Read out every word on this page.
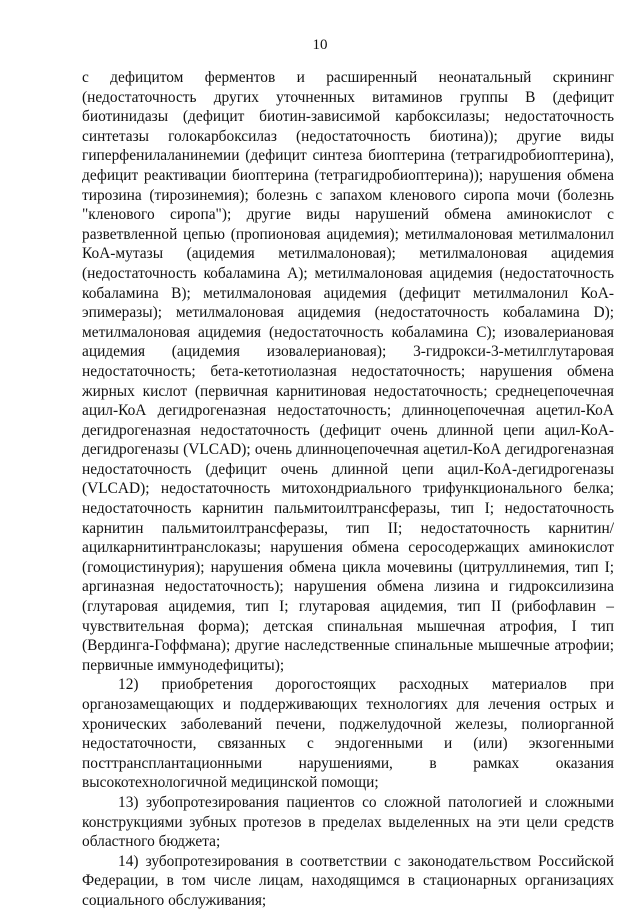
10

с дефицитом ферментов и расширенный неонатальный скрининг (недостаточность других уточненных витаминов группы B (дефицит биотинидазы (дефицит биотин-зависимой карбоксилазы; недостаточность синтетазы голокарбоксилаз (недостаточность биотина)); другие виды гиперфенилаланинемии (дефицит синтеза биоптерина (тетрагидробиоптерина), дефицит реактивации биоптерина (тетрагидробиоптерина)); нарушения обмена тирозина (тирозинемия); болезнь с запахом кленового сиропа мочи (болезнь "кленового сиропа"); другие виды нарушений обмена аминокислот с разветвленной цепью (пропионовая ацидемия); метилмалоновая метилмалонил КоА-мутазы (ацидемия метилмалоновая); метилмалоновая ацидемия (недостаточность кобаламина A); метилмалоновая ацидемия (недостаточность кобаламина B); метилмалоновая ацидемия (дефицит метилмалонил КоА-эпимеразы); метилмалоновая ацидемия (недостаточность кобаламина D); метилмалоновая ацидемия (недостаточность кобаламина C); изовалериановая ацидемия (ацидемия изовалериановая); 3-гидрокси-3-метилглутаровая недостаточность; бета-кетотиолазная недостаточность; нарушения обмена жирных кислот (первичная карнитиновая недостаточность; среднецепочечная ацил-КоА дегидрогеназная недостаточность; длинноцепочечная ацетил-КоА дегидрогеназная недостаточность (дефицит очень длинной цепи ацил-КоА-дегидрогеназы (VLCAD); очень длинноцепочечная ацетил-КоА дегидрогеназная недостаточность (дефицит очень длинной цепи ацил-КоА-дегидрогеназы (VLCAD); недостаточность митохондриального трифункционального белка; недостаточность карнитин пальмитоилтрансферазы, тип I; недостаточность карнитин пальмитоилтрансферазы, тип II; недостаточность карнитин/ацилкарнитинтранслоказы; нарушения обмена серосодержащих аминокислот (гомоцистинурия); нарушения обмена цикла мочевины (цитруллинемия, тип I; аргиназная недостаточность); нарушения обмена лизина и гидроксилизина (глутаровая ацидемия, тип I; глутаровая ацидемия, тип II (рибофлавин – чувствительная форма); детская спинальная мышечная атрофия, I тип (Вердинга-Гоффмана); другие наследственные спинальные мышечные атрофии; первичные иммунодефициты);

12) приобретения дорогостоящих расходных материалов при органозамещающих и поддерживающих технологиях для лечения острых и хронических заболеваний печени, поджелудочной железы, полиорганной недостаточности, связанных с эндогенными и (или) экзогенными посттрансплантационными нарушениями, в рамках оказания высокотехнологичной медицинской помощи;

13) зубопротезирования пациентов со сложной патологией и сложными конструкциями зубных протезов в пределах выделенных на эти цели средств областного бюджета;

14) зубопротезирования в соответствии с законодательством Российской Федерации, в том числе лицам, находящимся в стационарных организациях социального обслуживания;
